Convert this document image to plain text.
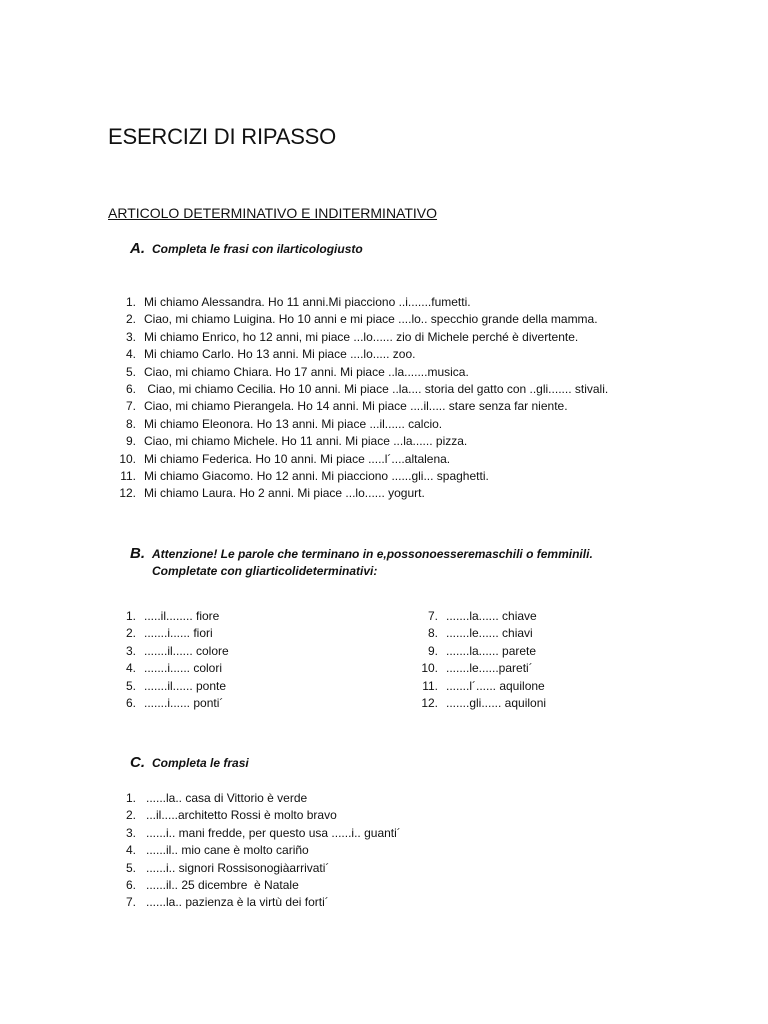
ESERCIZI DI RIPASSO
ARTICOLO DETERMINATIVO E INDITERMINATIVO
A. Completa le frasi con ilarticologiusto
1. Mi chiamo Alessandra. Ho 11 anni.Mi piacciono ..i.......fumetti.
2. Ciao, mi chiamo Luigina. Ho 10 anni e mi piace ....lo.. specchio grande della mamma.
3. Mi chiamo Enrico, ho 12 anni, mi piace ...lo...... zio di Michele perché è divertente.
4. Mi chiamo Carlo. Ho 13 anni. Mi piace ....lo..... zoo.
5. Ciao, mi chiamo Chiara. Ho 17 anni. Mi piace ..la.......musica.
6. Ciao, mi chiamo Cecilia. Ho 10 anni. Mi piace ..la.... storia del gatto con ..gli....... stivali.
7. Ciao, mi chiamo Pierangela. Ho 14 anni. Mi piace ....il..... stare senza far niente.
8. Mi chiamo Eleonora. Ho 13 anni. Mi piace ...il...... calcio.
9. Ciao, mi chiamo Michele. Ho 11 anni. Mi piace ...la...... pizza.
10. Mi chiamo Federica. Ho 10 anni. Mi piace .....l´....altalena.
11. Mi chiamo Giacomo. Ho 12 anni. Mi piacciono ......gli... spaghetti.
12. Mi chiamo Laura. Ho 2 anni. Mi piace ...lo...... yogurt.
B. Attenzione! Le parole che terminano in e,possonoesseremaschili o femminili. Completate con gliarticolideterminativi:
1. .....il........ fiore
2. .......i...... fiori
3. .......il...... colore
4. .......i...... colori
5. .......il...... ponte
6. .......i...... ponti´
7. .......la...... chiave
8. .......le...... chiavi
9. .......la...... parete
10. .......le......pareti´
11. .......l´...... aquilone
12. .......gli...... aquiloni
C. Completa le frasi
1. ......la.. casa di Vittorio è verde
2. ...il.....architetto Rossi è molto bravo
3. ......i.. mani fredde, per questo usa ......i.. guanti´
4. ......il.. mio cane è molto cariño
5. ......i.. signori Rossisonogiàarrivati´
6. ......il.. 25 dicembre  è Natale
7. ......la.. pazienza è la virtù dei forti´
